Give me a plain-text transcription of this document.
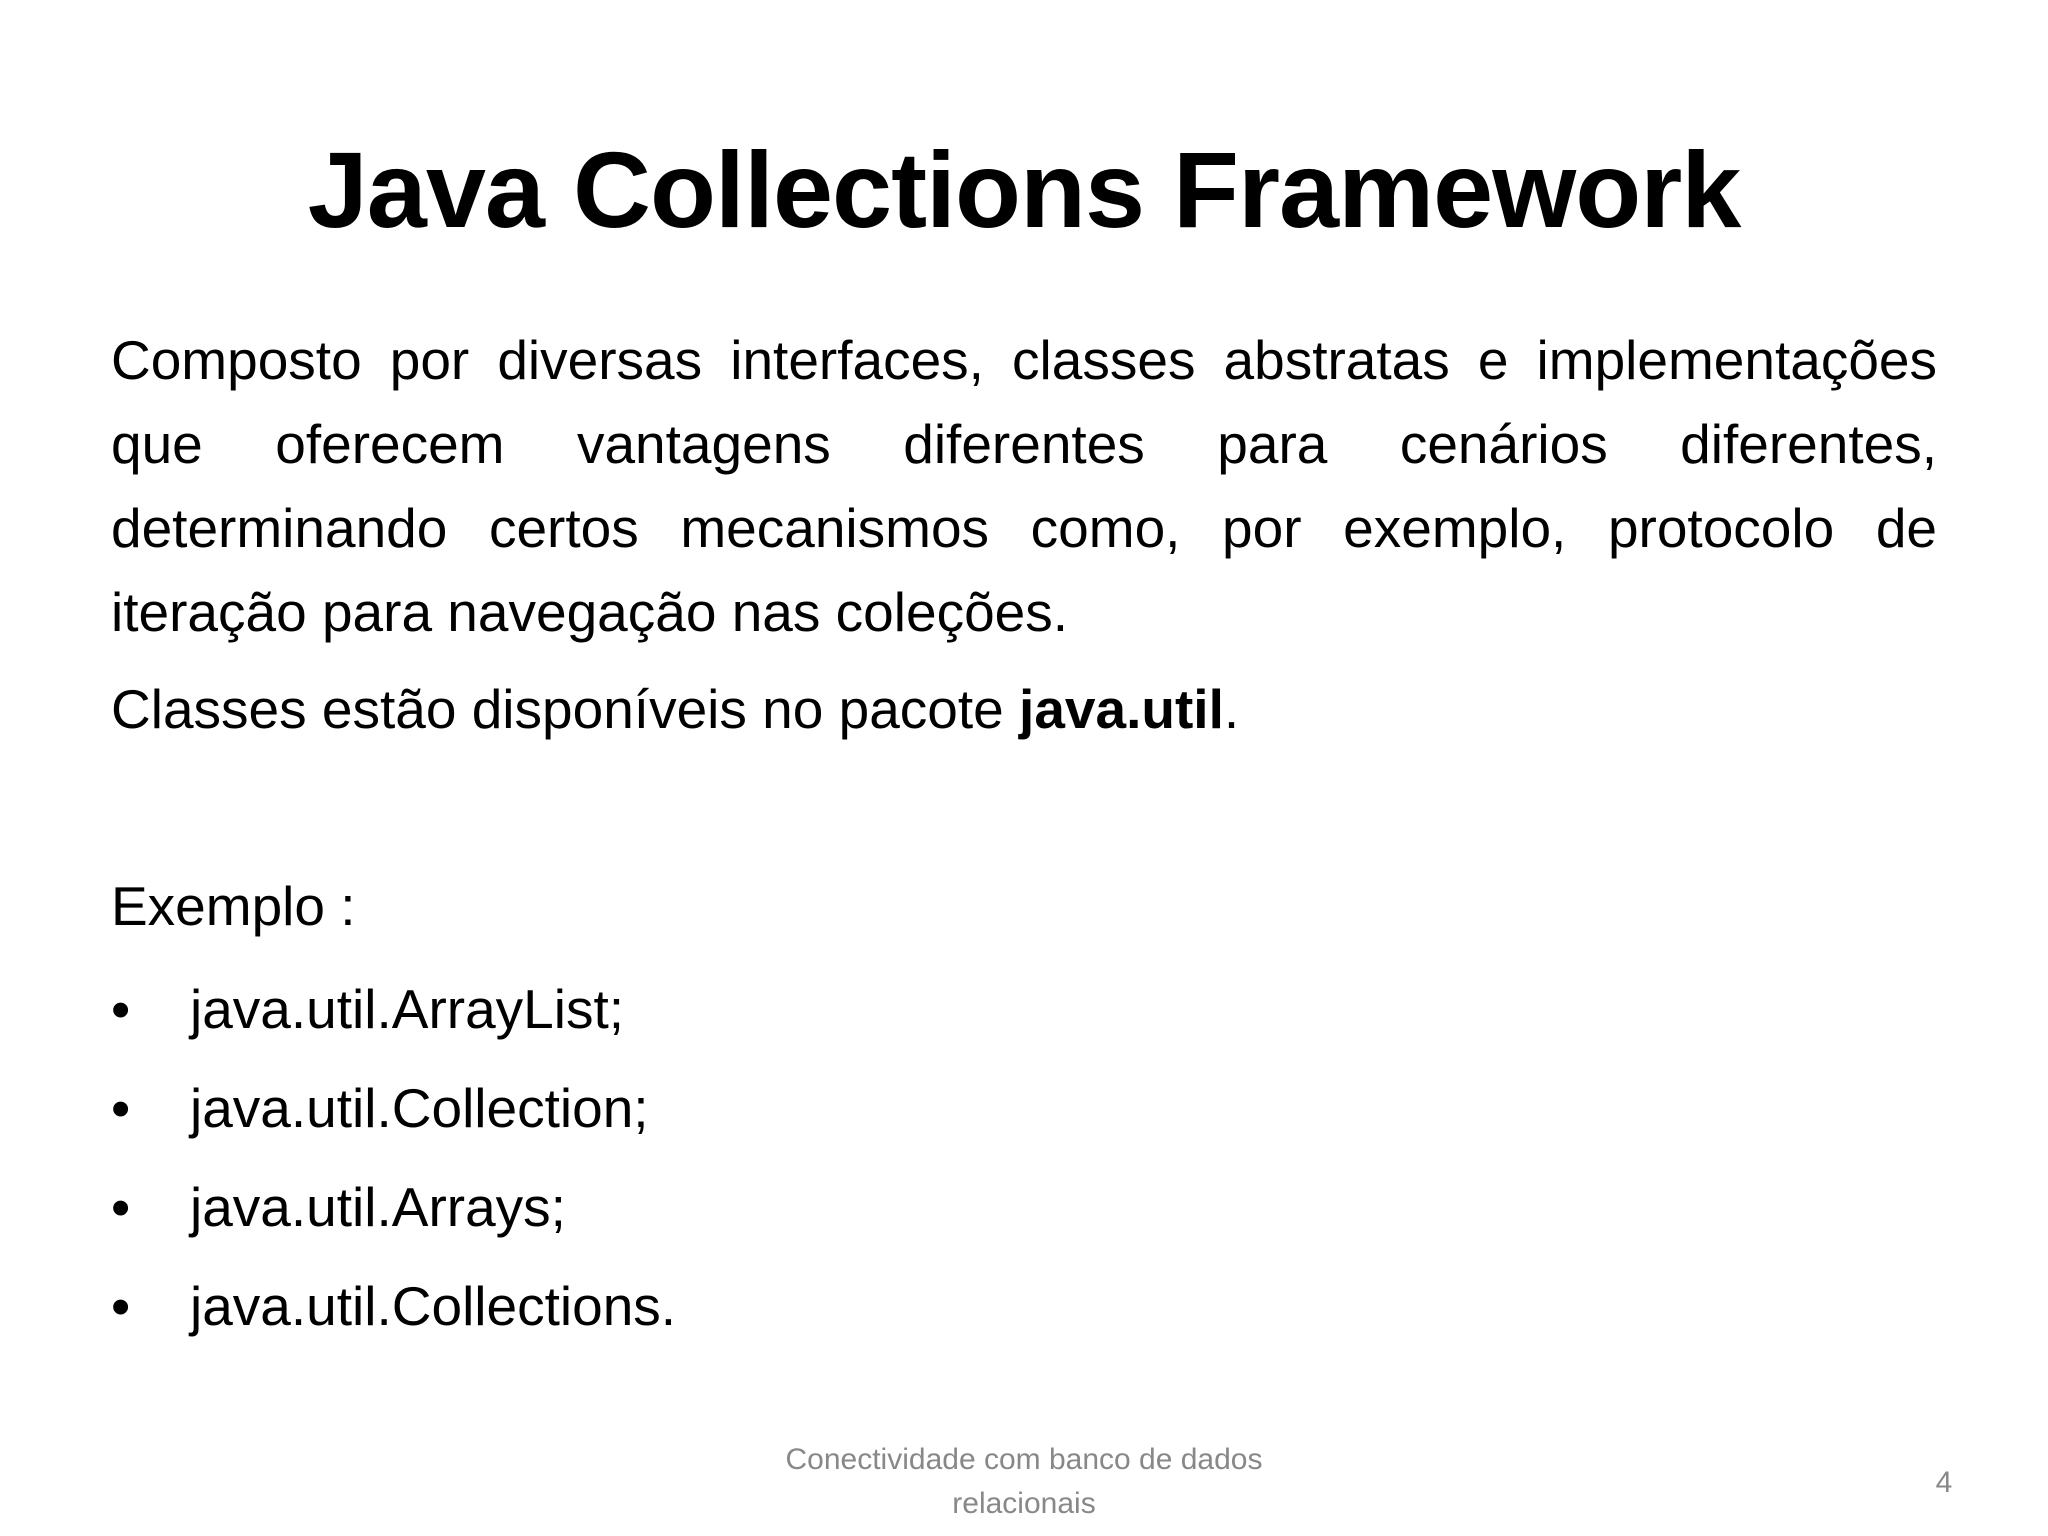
Java Collections Framework

Composto por diversas interfaces, classes abstratas e implementações que oferecem vantagens diferentes para cenários diferentes, determinando certos mecanismos como, por exemplo, protocolo de iteração para navegação nas coleções.

Classes estão disponíveis no pacote java.util.

Exemplo :

• java.util.ArrayList;
• java.util.Collection;
• java.util.Arrays;
• java.util.Collections.
Conectividade com banco de dados
relacionais
4
